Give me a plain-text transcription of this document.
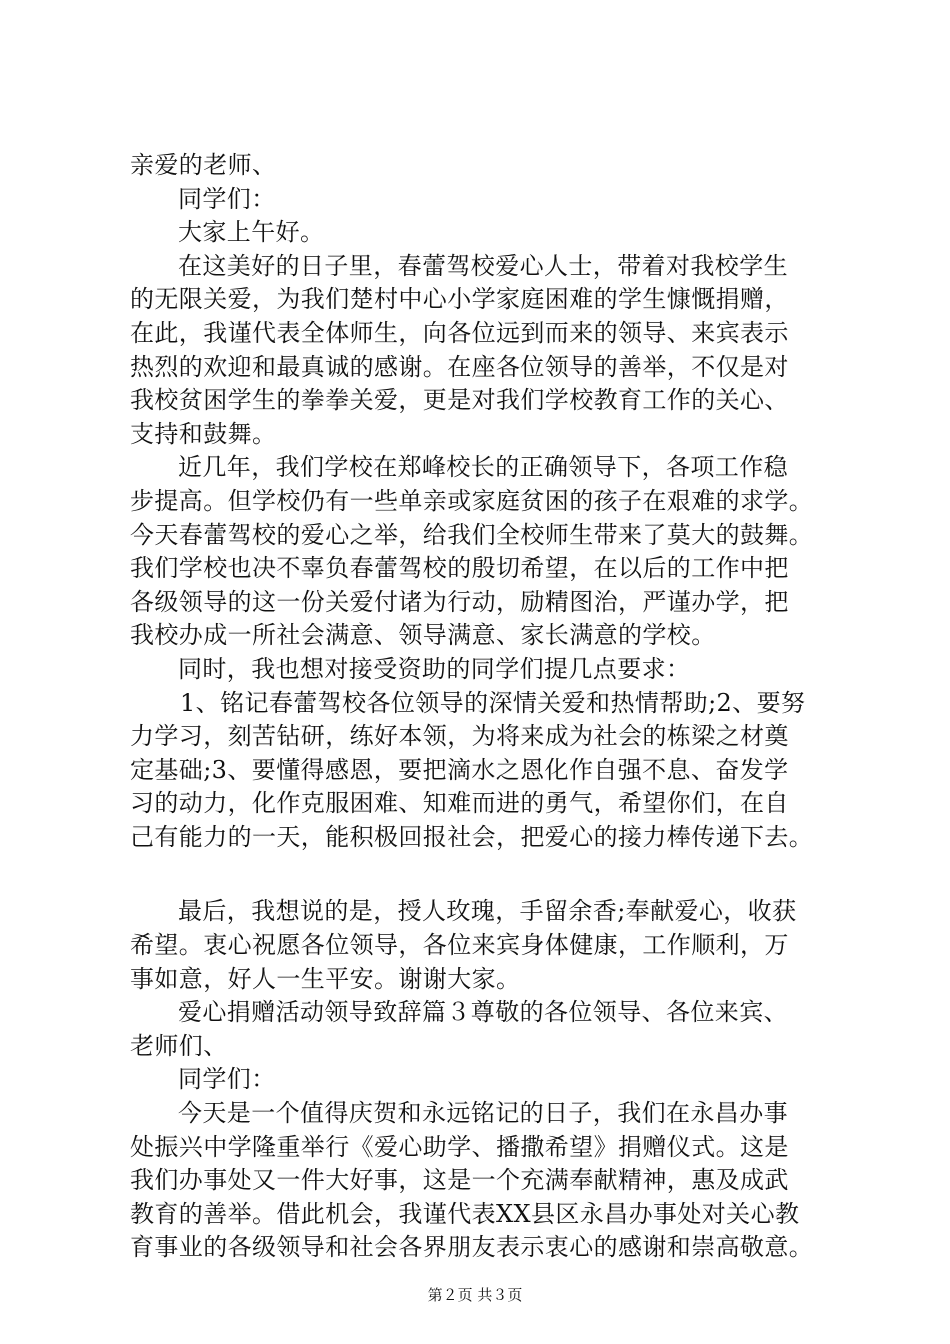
亲爱的老师、
同学们：
大家上午好。
在这美好的日子里，春蕾驾校爱心人士，带着对我校学生
的无限关爱，为我们楚村中心小学家庭困难的学生慷慨捐赠，
在此，我谨代表全体师生，向各位远到而来的领导、来宾表示
热烈的欢迎和最真诚的感谢。在座各位领导的善举，不仅是对
我校贫困学生的拳拳关爱，更是对我们学校教育工作的关心、
支持和鼓舞。
近几年，我们学校在郑峰校长的正确领导下，各项工作稳
步提高。但学校仍有一些单亲或家庭贫困的孩子在艰难的求学。
今天春蕾驾校的爱心之举，给我们全校师生带来了莫大的鼓舞。
我们学校也决不辜负春蕾驾校的殷切希望，在以后的工作中把
各级领导的这一份关爱付诸为行动，励精图治，严谨办学，把
我校办成一所社会满意、领导满意、家长满意的学校。
同时，我也想对接受资助的同学们提几点要求：
1、铭记春蕾驾校各位领导的深情关爱和热情帮助;2、要努
力学习，刻苦钻研，练好本领，为将来成为社会的栋梁之材奠
定基础;3、要懂得感恩，要把滴水之恩化作自强不息、奋发学
习的动力，化作克服困难、知难而进的勇气，希望你们，在自
己有能力的一天，能积极回报社会，把爱心的接力棒传递下去。
最后，我想说的是，授人玫瑰，手留余香;奉献爱心，收获
希望。衷心祝愿各位领导，各位来宾身体健康，工作顺利，万
事如意，好人一生平安。谢谢大家。
爱心捐赠活动领导致辞篇３尊敬的各位领导、各位来宾、
老师们、
同学们：
今天是一个值得庆贺和永远铭记的日子，我们在永昌办事
处振兴中学隆重举行《爱心助学、播撒希望》捐赠仪式。这是
我们办事处又一件大好事，这是一个充满奉献精神，惠及成武
教育的善举。借此机会，我谨代表XX县区永昌办事处对关心教
育事业的各级领导和社会各界朋友表示衷心的感谢和崇高敬意。
第２页 共３页
